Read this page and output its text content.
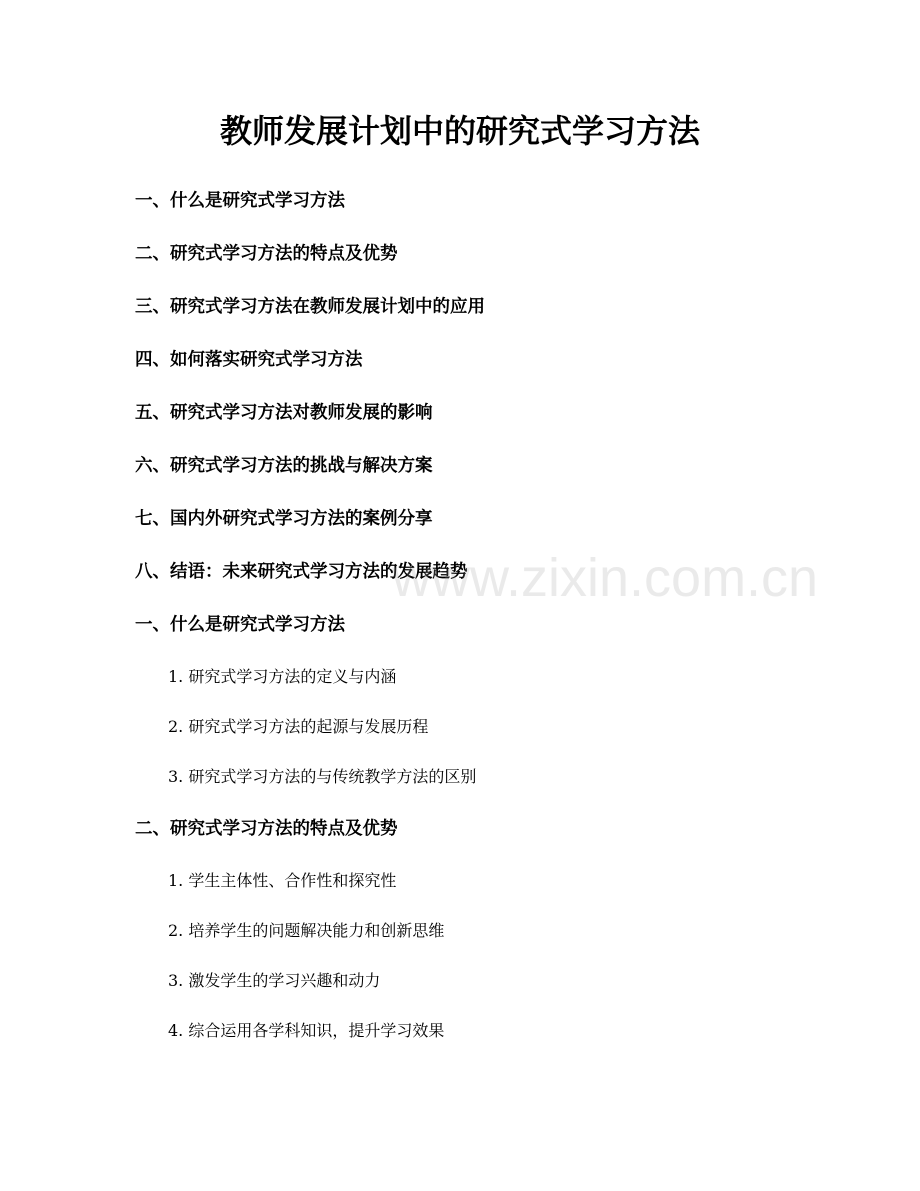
教师发展计划中的研究式学习方法

一、什么是研究式学习方法

二、研究式学习方法的特点及优势

三、研究式学习方法在教师发展计划中的应用

四、如何落实研究式学习方法

五、研究式学习方法对教师发展的影响

六、研究式学习方法的挑战与解决方案

七、国内外研究式学习方法的案例分享

八、结语：未来研究式学习方法的发展趋势

一、什么是研究式学习方法

1. 研究式学习方法的定义与内涵

2. 研究式学习方法的起源与发展历程

3. 研究式学习方法的与传统教学方法的区别

二、研究式学习方法的特点及优势

1. 学生主体性、合作性和探究性

2. 培养学生的问题解决能力和创新思维

3. 激发学生的学习兴趣和动力

4. 综合运用各学科知识，提升学习效果

www.zixin.com.cn
